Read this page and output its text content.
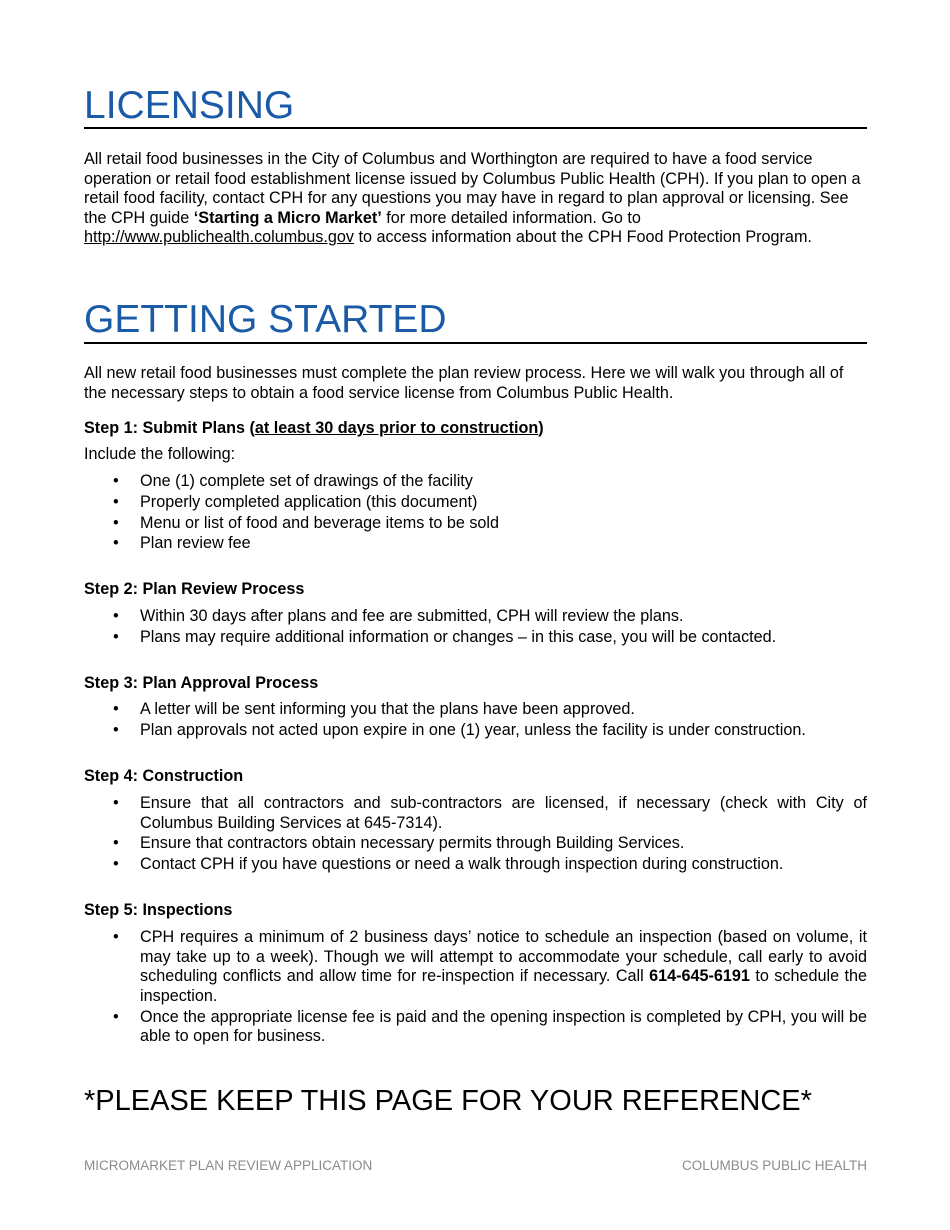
LICENSING

All retail food businesses in the City of Columbus and Worthington are required to have a food service operation or retail food establishment license issued by Columbus Public Health (CPH). If you plan to open a retail food facility, contact CPH for any questions you may have in regard to plan approval or licensing. See the CPH guide ‘Starting a Micro Market’ for more detailed information. Go to http://www.publichealth.columbus.gov to access information about the CPH Food Protection Program.

GETTING STARTED

All new retail food businesses must complete the plan review process. Here we will walk you through all of the necessary steps to obtain a food service license from Columbus Public Health.

Step 1: Submit Plans (at least 30 days prior to construction)

Include the following:

• One (1) complete set of drawings of the facility
• Properly completed application (this document)
• Menu or list of food and beverage items to be sold
• Plan review fee
Step 2: Plan Review Process
• Within 30 days after plans and fee are submitted, CPH will review the plans.
• Plans may require additional information or changes – in this case, you will be contacted.
Step 3: Plan Approval Process
• A letter will be sent informing you that the plans have been approved.
• Plan approvals not acted upon expire in one (1) year, unless the facility is under construction.
Step 4: Construction
• Ensure that all contractors and sub-contractors are licensed, if necessary (check with City of Columbus Building Services at 645-7314).
• Ensure that contractors obtain necessary permits through Building Services.
• Contact CPH if you have questions or need a walk through inspection during construction.
Step 5: Inspections
• CPH requires a minimum of 2 business days’ notice to schedule an inspection (based on volume, it may take up to a week). Though we will attempt to accommodate your schedule, call early to avoid scheduling conflicts and allow time for re-inspection if necessary. Call 614-645-6191 to schedule the inspection.
• Once the appropriate license fee is paid and the opening inspection is completed by CPH, you will be able to open for business.
*PLEASE KEEP THIS PAGE FOR YOUR REFERENCE*
MICROMARKET PLAN REVIEW APPLICATION	COLUMBUS PUBLIC HEALTH
